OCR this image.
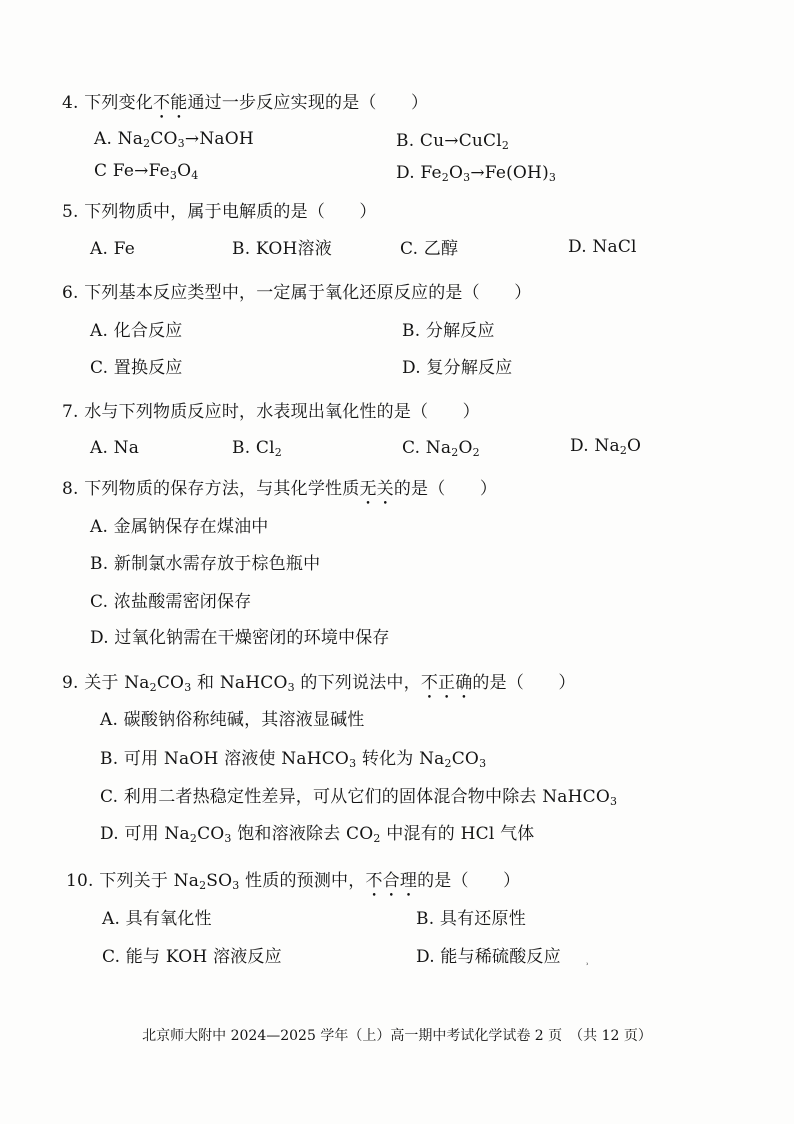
4. 下列变化不能通过一步反应实现的是（　　）
A. $Na_2CO_3\to NaOH$	B. Cu→CuCl$_2$
C $Fe\to Fe_3O_4$	D. $Fe_2O_3\to Fe(OH)_3$
5. 下列物质中，属于电解质的是（　　）
A. Fe	B. KOH溶液	C. 乙醇	D. NaCl
6. 下列基本反应类型中，一定属于氧化还原反应的是（　　）
A. 化合反应	B. 分解反应
C. 置换反应	D. 复分解反应
7. 水与下列物质反应时，水表现出氧化性的是（　　）
A. Na	B. $Cl_2$	C. $Na_2O_2$	D. $Na_2O$
8. 下列物质的保存方法，与其化学性质无关的是（　　）
A. 金属钠保存在煤油中
B. 新制氯水需存放于棕色瓶中
C. 浓盐酸需密闭保存
D. 过氧化钠需在干燥密闭的环境中保存
9. 关于 $Na_2CO_3$ 和 NaHCO$_3$ 的下列说法中，不正确的是（　　）
A. 碳酸钠俗称纯碱，其溶液显碱性
B. 可用 NaOH 溶液使 NaHCO$_3$ 转化为 $Na_2CO_3$
C. 利用二者热稳定性差异，可从它们的固体混合物中除去 NaHCO$_3$
D. 可用 $Na_2CO_3$ 饱和溶液除去 $CO_2$ 中混有的 HCl 气体
10. 下列关于 $Na_2SO_3$ 性质的预测中，不合理的是（　　）
A. 具有氧化性	B. 具有还原性
C. 能与 KOH 溶液反应	D. 能与稀硫酸反应
ʾ
北京师大附中 2024—2025 学年（上）高一期中考试化学试卷 2 页　（共 12 页）
